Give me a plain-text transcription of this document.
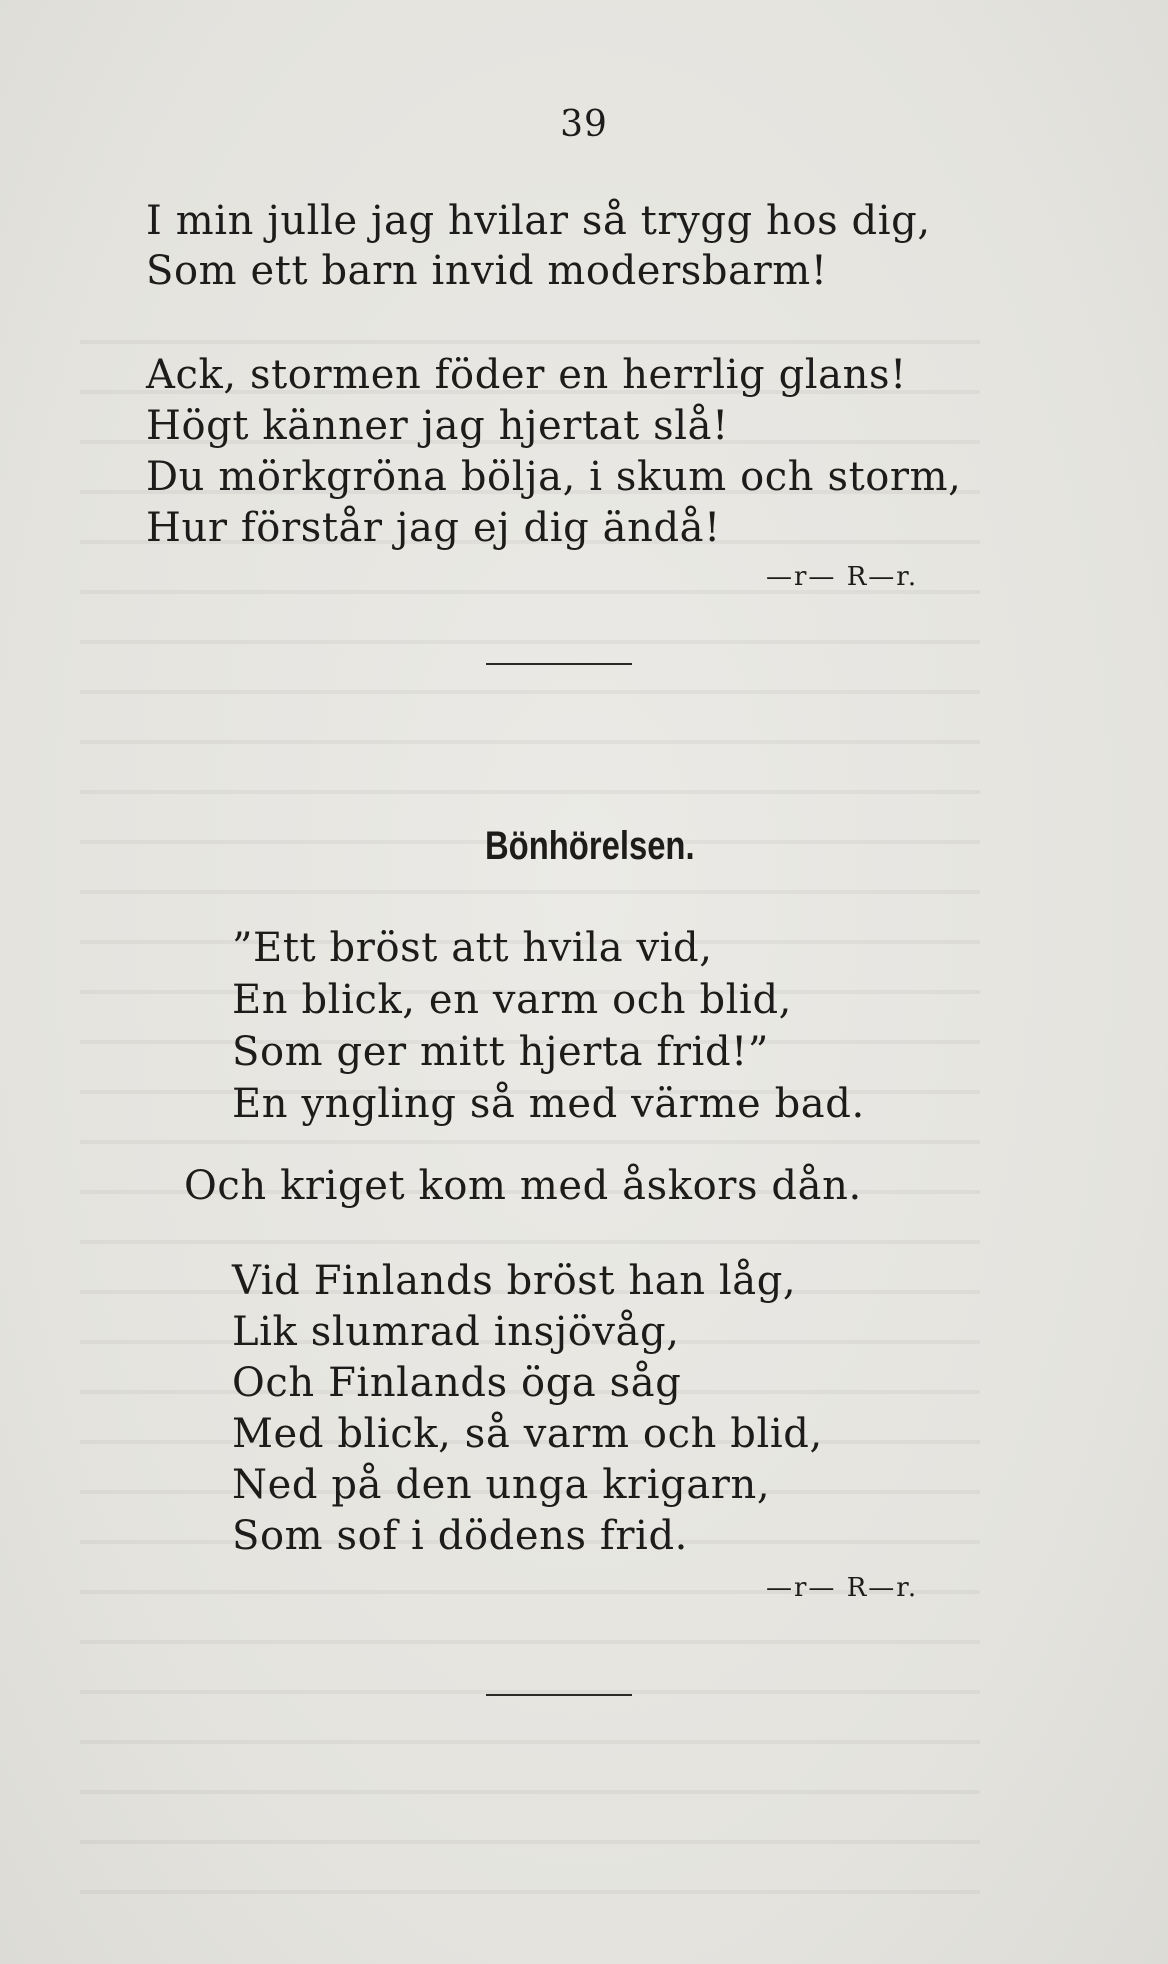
39
I min julle jag hvilar så trygg hos dig,
Som ett barn invid modersbarm!
Ack, stormen föder en herrlig glans!
Högt känner jag hjertat slå!
Du mörkgröna bölja, i skum och storm,
Hur förstår jag ej dig ändå!
—r— R—r.
Bönhörelsen.
”Ett bröst att hvila vid,
En blick, en varm och blid,
Som ger mitt hjerta frid!”
En yngling så med värme bad.
Och kriget kom med åskors dån.
Vid Finlands bröst han låg,
Lik slumrad insjövåg,
Och Finlands öga såg
Med blick, så varm och blid,
Ned på den unga krigarn,
Som sof i dödens frid.
—r— R—r.
